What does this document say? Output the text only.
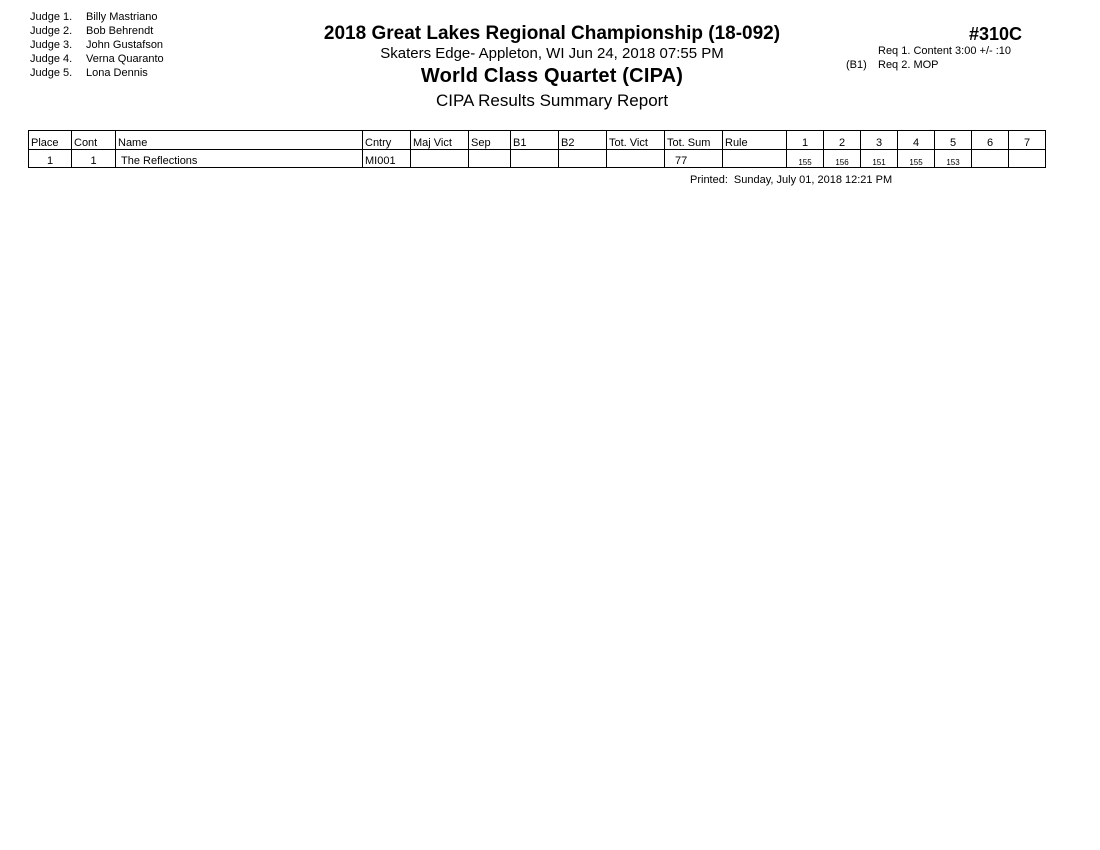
Judge 1.	Billy Mastriano
Judge 2.	Bob Behrendt
Judge 3.	John Gustafson
Judge 4.	Verna Quaranto
Judge 5.	Lona Dennis
2018 Great Lakes Regional Championship (18-092)
Skaters Edge- Appleton, WI Jun 24, 2018 07:55 PM
World Class Quartet (CIPA)
CIPA Results Summary Report
#310C
Req 1. Content 3:00 +/- :10
(B1)	Req 2. MOP
Place	Cont	Name	Cntry	Maj Vict	Sep	B1	B2	Tot. Vict	Tot. Sum	Rule	1	2	3	4	5	6	7
1	1	The Reflections	MI001						77		155	156	151	155	153		
Printed: Sunday, July 01, 2018 12:21 PM
